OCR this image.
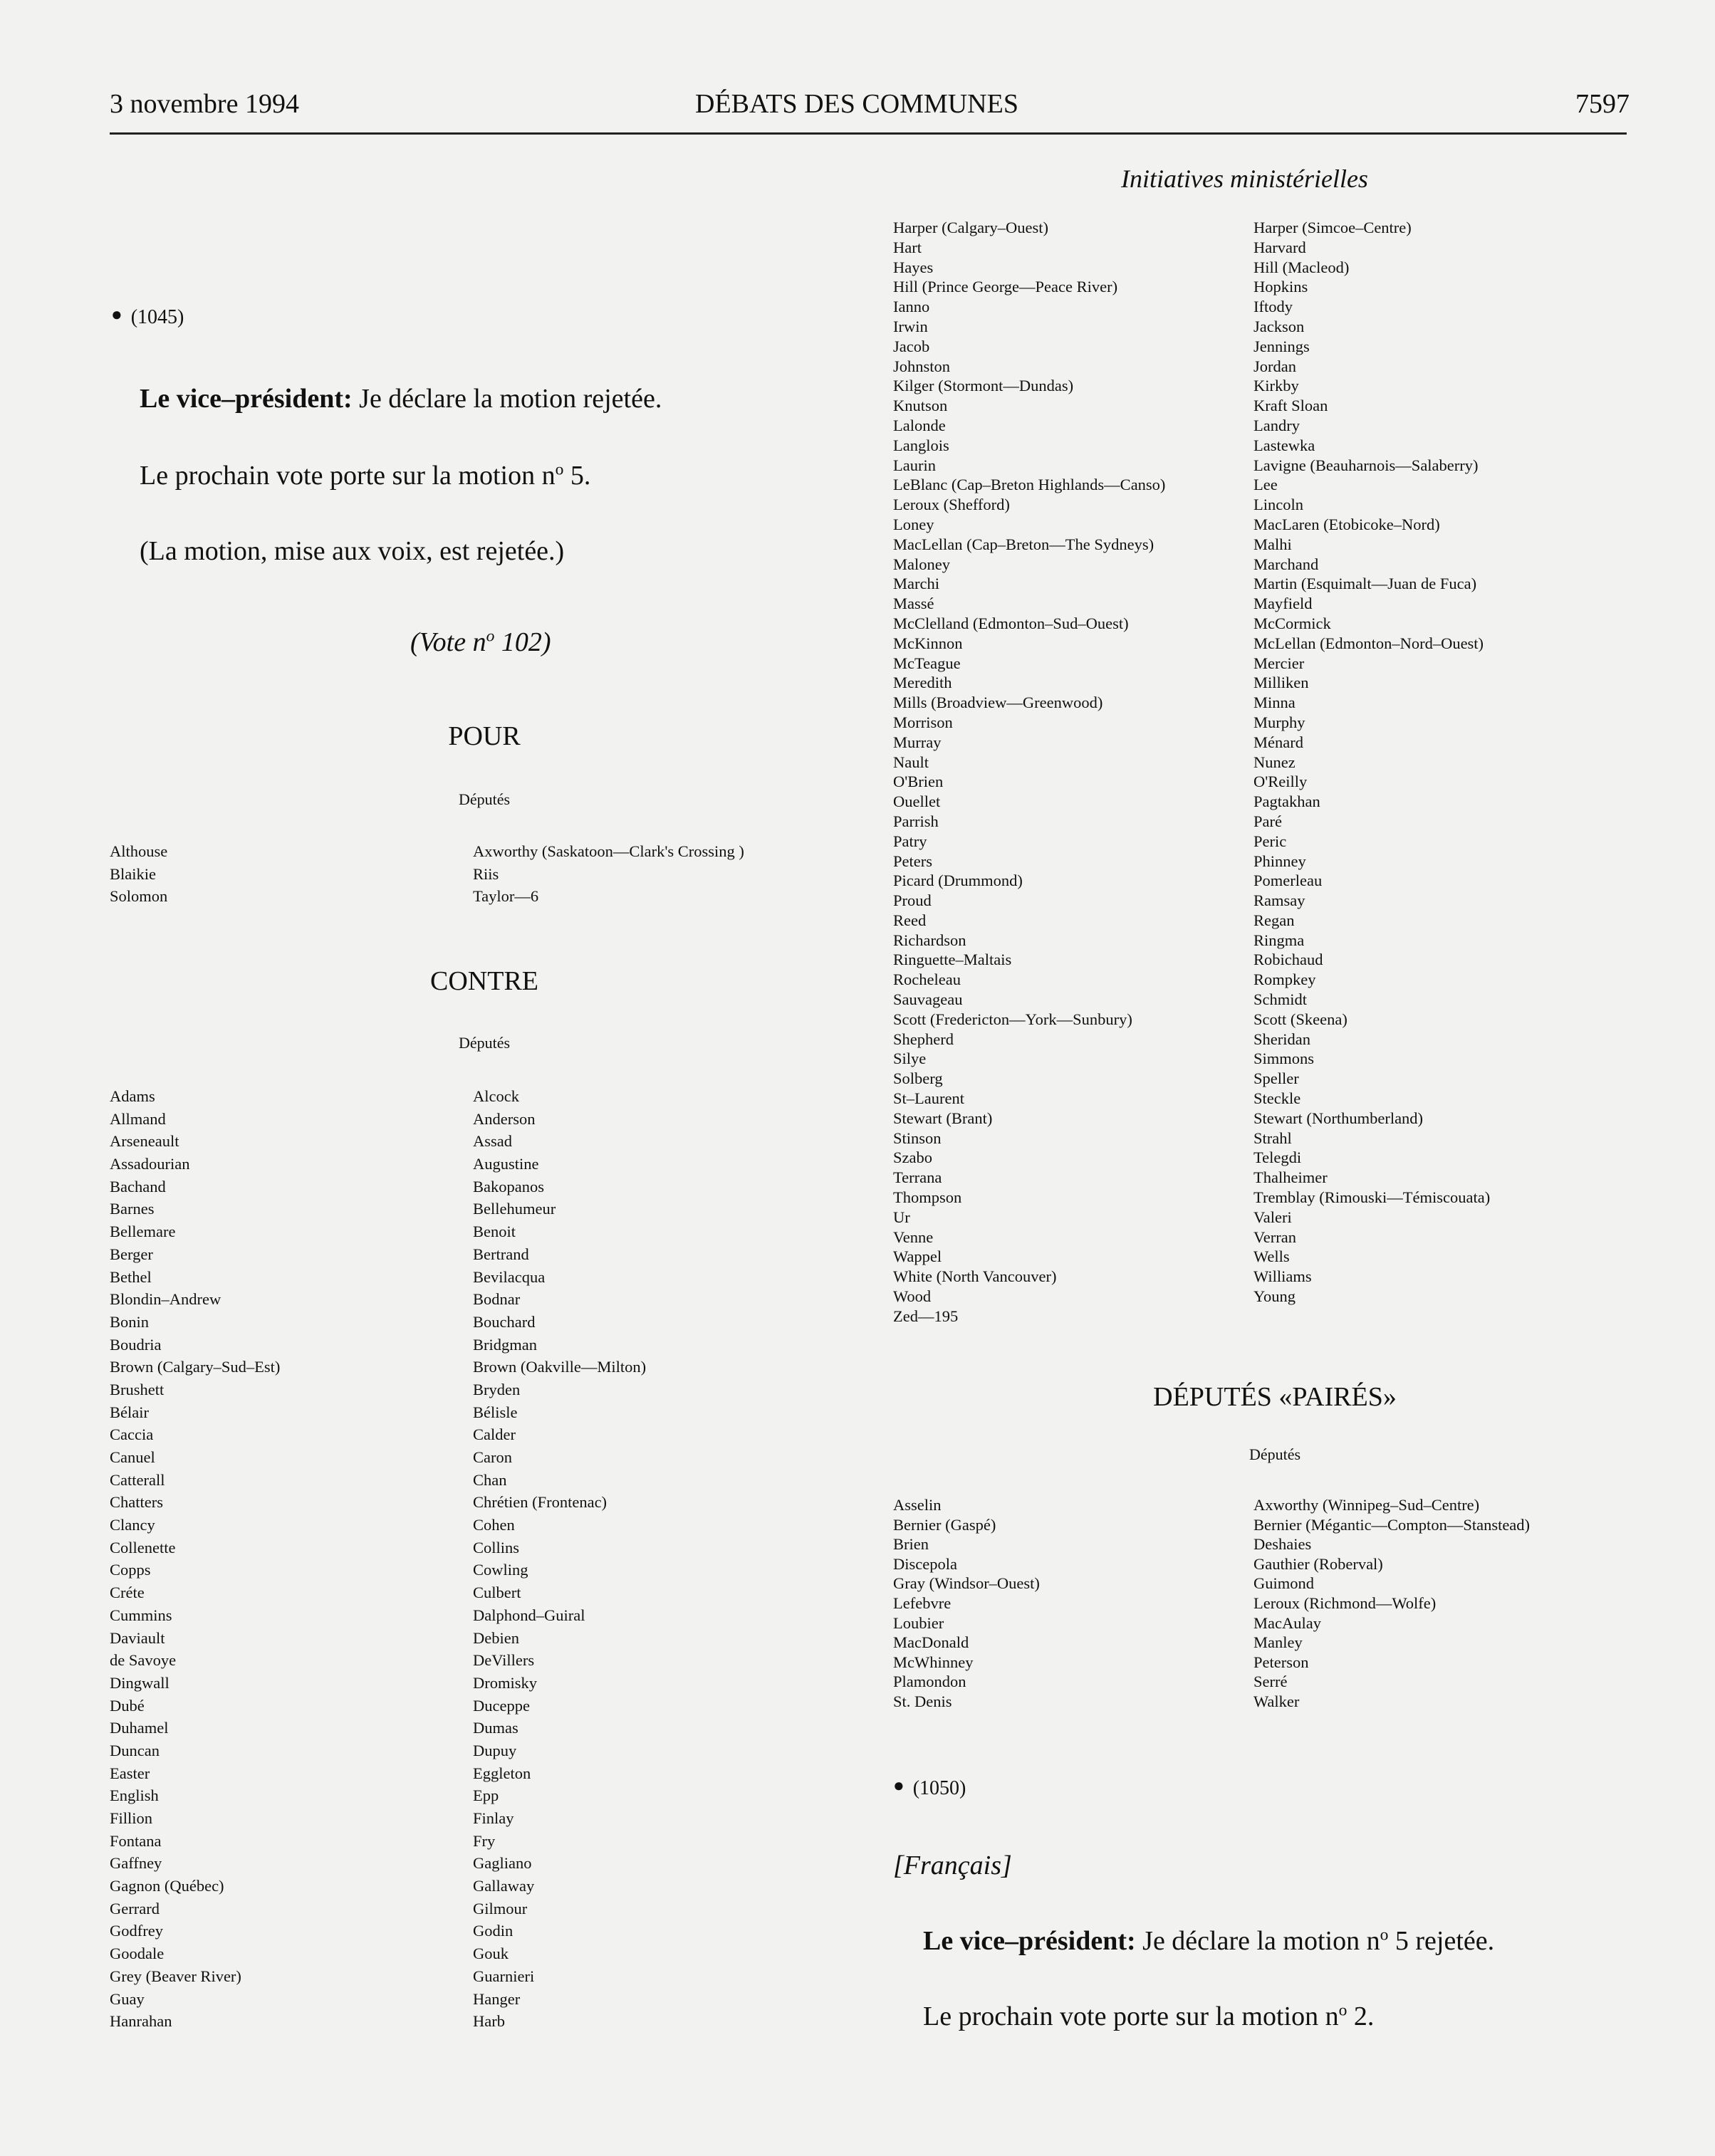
3 novembre 1994	DÉBATS DES COMMUNES	7597
Initiatives ministérielles
● (1045)
Le vice–président: Je déclare la motion rejetée.
Le prochain vote porte sur la motion $n^o$ 5.
(La motion, mise aux voix, est rejetée.)
(Vote $n^o$ 102)
POUR
Députés
Althouse
Blaikie
Solomon
Axworthy (Saskatoon—Clark's Crossing )
Riis
Taylor—6
CONTRE
Députés
Adams
Allmand
Arseneault
Assadourian
Bachand
Barnes
Bellemare
Berger
Bethel
Blondin–Andrew
Bonin
Boudria
Brown (Calgary–Sud–Est)
Brushett
Bélair
Caccia
Canuel
Catterall
Chatters
Clancy
Collenette
Copps
Créte
Cummins
Daviault
de Savoye
Dingwall
Dubé
Duhamel
Duncan
Easter
English
Fillion
Fontana
Gaffney
Gagnon (Québec)
Gerrard
Godfrey
Goodale
Grey (Beaver River)
Guay
Hanrahan
Alcock
Anderson
Assad
Augustine
Bakopanos
Bellehumeur
Benoit
Bertrand
Bevilacqua
Bodnar
Bouchard
Bridgman
Brown (Oakville—Milton)
Bryden
Bélisle
Calder
Caron
Chan
Chrétien (Frontenac)
Cohen
Collins
Cowling
Culbert
Dalphond–Guiral
Debien
DeVillers
Dromisky
Duceppe
Dumas
Dupuy
Eggleton
Epp
Finlay
Fry
Gagliano
Gallaway
Gilmour
Godin
Gouk
Guarnieri
Hanger
Harb
Harper (Calgary–Ouest)
Hart
Hayes
Hill (Prince George—Peace River)
Ianno
Irwin
Jacob
Johnston
Kilger (Stormont—Dundas)
Knutson
Lalonde
Langlois
Laurin
LeBlanc (Cap–Breton Highlands—Canso)
Leroux (Shefford)
Loney
MacLellan (Cap–Breton—The Sydneys)
Maloney
Marchi
Massé
McClelland (Edmonton–Sud–Ouest)
McKinnon
McTeague
Meredith
Mills (Broadview—Greenwood)
Morrison
Murray
Nault
O'Brien
Ouellet
Parrish
Patry
Peters
Picard (Drummond)
Proud
Reed
Richardson
Ringuette–Maltais
Rocheleau
Sauvageau
Scott (Fredericton—York—Sunbury)
Shepherd
Silye
Solberg
St–Laurent
Stewart (Brant)
Stinson
Szabo
Terrana
Thompson
Ur
Venne
Wappel
White (North Vancouver)
Wood
Zed—195
Harper (Simcoe–Centre)
Harvard
Hill (Macleod)
Hopkins
Iftody
Jackson
Jennings
Jordan
Kirkby
Kraft Sloan
Landry
Lastewka
Lavigne (Beauharnois—Salaberry)
Lee
Lincoln
MacLaren (Etobicoke–Nord)
Malhi
Marchand
Martin (Esquimalt—Juan de Fuca)
Mayfield
McCormick
McLellan (Edmonton–Nord–Ouest)
Mercier
Milliken
Minna
Murphy
Ménard
Nunez
O'Reilly
Pagtakhan
Paré
Peric
Phinney
Pomerleau
Ramsay
Regan
Ringma
Robichaud
Rompkey
Schmidt
Scott (Skeena)
Sheridan
Simmons
Speller
Steckle
Stewart (Northumberland)
Strahl
Telegdi
Thalheimer
Tremblay (Rimouski—Témiscouata)
Valeri
Verran
Wells
Williams
Young
DÉPUTÉS «PAIRÉS»
Députés
Asselin
Bernier (Gaspé)
Brien
Discepola
Gray (Windsor–Ouest)
Lefebvre
Loubier
MacDonald
McWhinney
Plamondon
St. Denis
Axworthy (Winnipeg–Sud–Centre)
Bernier (Mégantic—Compton—Stanstead)
Deshaies
Gauthier (Roberval)
Guimond
Leroux (Richmond—Wolfe)
MacAulay
Manley
Peterson
Serré
Walker
● (1050)
[Français]
Le vice–président: Je déclare la motion $n^o$ 5 rejetée.
Le prochain vote porte sur la motion $n^o$ 2.
